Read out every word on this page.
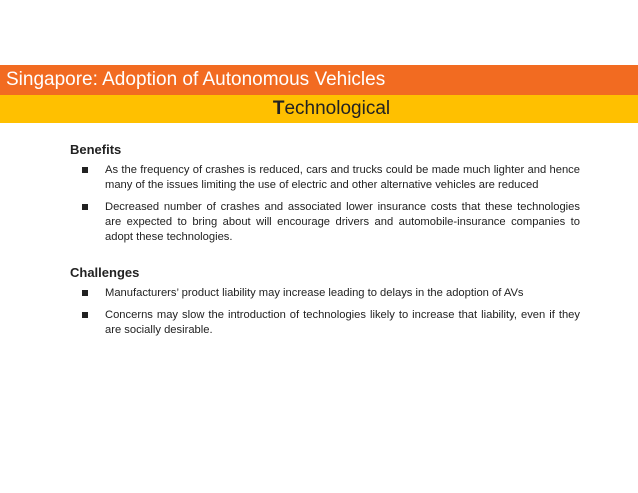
Singapore: Adoption of Autonomous Vehicles
Technological
Benefits
As the frequency of crashes is reduced, cars and trucks could be made much lighter and hence many of the issues limiting the use of electric and other alternative vehicles are reduced
Decreased number of crashes and associated lower insurance costs that these technologies are expected to bring about will encourage drivers and automobile-insurance companies to adopt these technologies.
Challenges
Manufacturers’ product liability may increase leading to delays in the adoption of AVs
Concerns may slow the introduction of technologies likely to increase that liability, even if they are socially desirable.
